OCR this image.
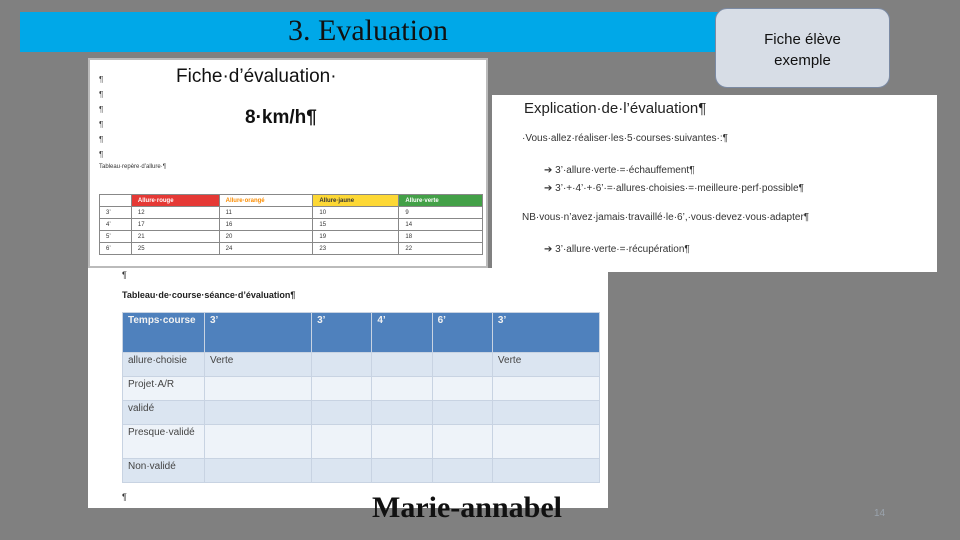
3. Evaluation	Fiche élève
exemple
¶ ¶ ¶ ¶ ¶ ¶
Fiche·d’évaluation·
8·km/h¶
Tableau·repère·d’allure·¶
	Allure·rouge	Allure·orangé	Allure·jaune	Allure·verte
3’	12	11	10	9
4’	17	16	15	14
5’	21	20	19	18
6’	25	24	23	22
Explication·de·l’évaluation¶
·Vous·allez·réaliser·les·5·courses·suivantes·:¶
➔ 3’·allure·verte·=·échauffement¶
➔ 3’·+·4’·+·6’·=·allures·choisies·=·meilleure·perf·possible¶
NB·vous·n’avez·jamais·travaillé·le·6’,·vous·devez·vous·adapter¶
➔ 3’·allure·verte·=·récupération¶
¶
Tableau·de·course·séance·d’évaluation¶
Temps·course	3’	3’	4’	6’	3’
allure·choisie	Verte				Verte
Projet·A/R					
validé					
Presque·validé					
Non·validé					
¶	Marie-annabel	14
